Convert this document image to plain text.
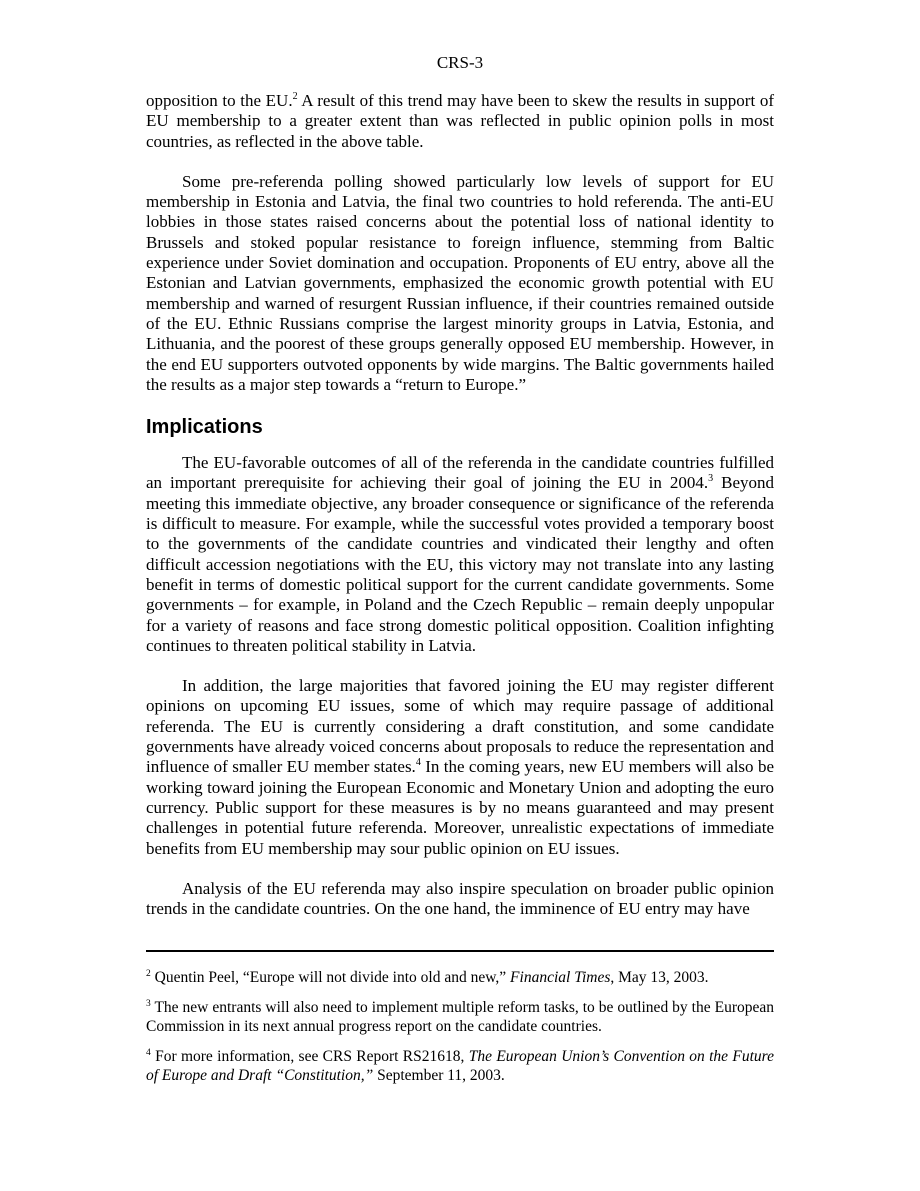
CRS-3

opposition to the EU.$^2$ A result of this trend may have been to skew the results in support of EU membership to a greater extent than was reflected in public opinion polls in most countries, as reflected in the above table.

Some pre-referenda polling showed particularly low levels of support for EU membership in Estonia and Latvia, the final two countries to hold referenda. The anti-EU lobbies in those states raised concerns about the potential loss of national identity to Brussels and stoked popular resistance to foreign influence, stemming from Baltic experience under Soviet domination and occupation. Proponents of EU entry, above all the Estonian and Latvian governments, emphasized the economic growth potential with EU membership and warned of resurgent Russian influence, if their countries remained outside of the EU. Ethnic Russians comprise the largest minority groups in Latvia, Estonia, and Lithuania, and the poorest of these groups generally opposed EU membership. However, in the end EU supporters outvoted opponents by wide margins. The Baltic governments hailed the results as a major step towards a “return to Europe.”

Implications

The EU-favorable outcomes of all of the referenda in the candidate countries fulfilled an important prerequisite for achieving their goal of joining the EU in 2004.$^3$ Beyond meeting this immediate objective, any broader consequence or significance of the referenda is difficult to measure. For example, while the successful votes provided a temporary boost to the governments of the candidate countries and vindicated their lengthy and often difficult accession negotiations with the EU, this victory may not translate into any lasting benefit in terms of domestic political support for the current candidate governments. Some governments – for example, in Poland and the Czech Republic – remain deeply unpopular for a variety of reasons and face strong domestic political opposition. Coalition infighting continues to threaten political stability in Latvia.

In addition, the large majorities that favored joining the EU may register different opinions on upcoming EU issues, some of which may require passage of additional referenda. The EU is currently considering a draft constitution, and some candidate governments have already voiced concerns about proposals to reduce the representation and influence of smaller EU member states.$^4$ In the coming years, new EU members will also be working toward joining the European Economic and Monetary Union and adopting the euro currency. Public support for these measures is by no means guaranteed and may present challenges in potential future referenda. Moreover, unrealistic expectations of immediate benefits from EU membership may sour public opinion on EU issues.

Analysis of the EU referenda may also inspire speculation on broader public opinion trends in the candidate countries. On the one hand, the imminence of EU entry may have

$^2$ Quentin Peel, “Europe will not divide into old and new,” Financial Times, May 13, 2003.

$^3$ The new entrants will also need to implement multiple reform tasks, to be outlined by the European Commission in its next annual progress report on the candidate countries.

$^4$ For more information, see CRS Report RS21618, The European Union’s Convention on the Future of Europe and Draft “Constitution,” September 11, 2003.
